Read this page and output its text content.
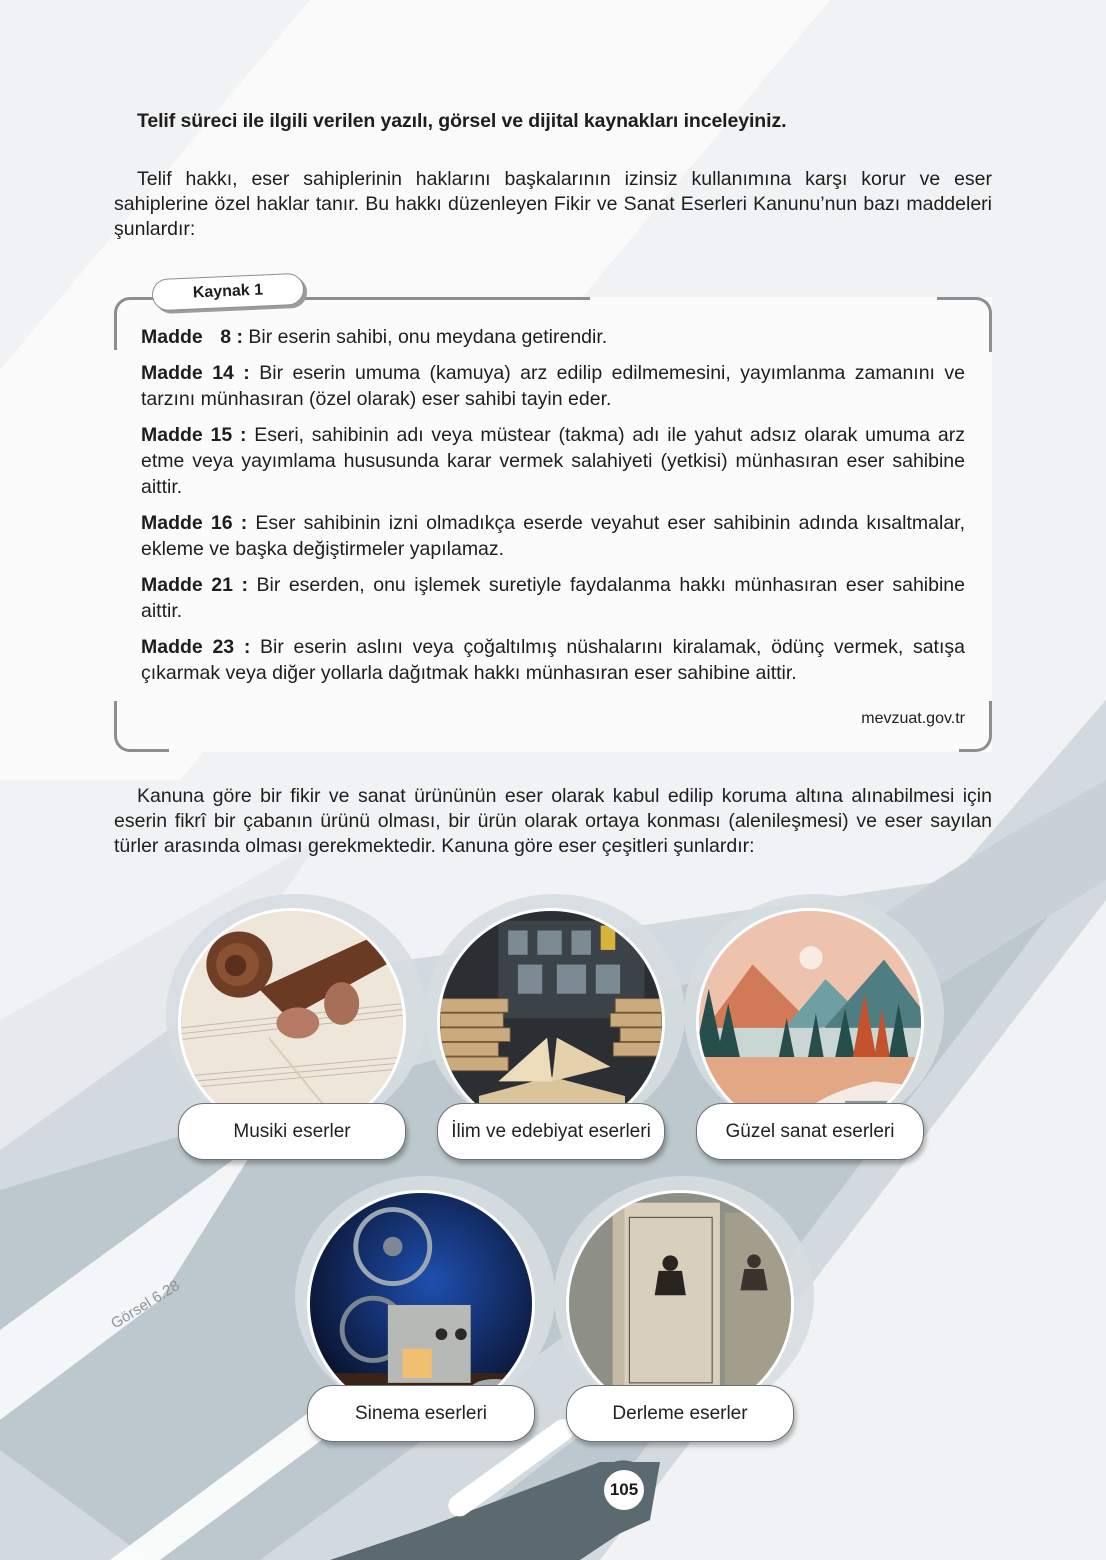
Telif süreci ile ilgili verilen yazılı, görsel ve dijital kaynakları inceleyiniz.
Telif hakkı, eser sahiplerinin haklarını başkalarının izinsiz kullanımına karşı korur ve eser sahiplerine özel haklar tanır. Bu hakkı düzenleyen Fikir ve Sanat Eserleri Kanunu’nun bazı maddeleri şunlardır:
Kaynak 1
Madde 8 : Bir eserin sahibi, onu meydana getirendir.
Madde 14 : Bir eserin umuma (kamuya) arz edilip edilmemesini, yayımlanma zamanını ve tarzını münhasıran (özel olarak) eser sahibi tayin eder.
Madde 15 : Eseri, sahibinin adı veya müstear (takma) adı ile yahut adsız olarak umuma arz etme veya yayımlama hususunda karar vermek salahiyeti (yetkisi) münhasıran eser sahibine aittir.
Madde 16 : Eser sahibinin izni olmadıkça eserde veyahut eser sahibinin adında kısaltmalar, ekleme ve başka değiştirmeler yapılamaz.
Madde 21 : Bir eserden, onu işlemek suretiyle faydalanma hakkı münhasıran eser sahibine aittir.
Madde 23 : Bir eserin aslını veya çoğaltılmış nüshalarını kiralamak, ödünç vermek, satışa çıkarmak veya diğer yollarla dağıtmak hakkı münhasıran eser sahibine aittir.
mevzuat.gov.tr
Kanuna göre bir fikir ve sanat ürününün eser olarak kabul edilip koruma altına alınabilmesi için eserin fikrî bir çabanın ürünü olması, bir ürün olarak ortaya konması (alenileşmesi) ve eser sayılan türler arasında olması gerekmektedir. Kanuna göre eser çeşitleri şunlardır:
Musiki eserler	İlim ve edebiyat eserleri	Güzel sanat eserleri
Sinema eserleri	Derleme eserler
Görsel 6.28
105
